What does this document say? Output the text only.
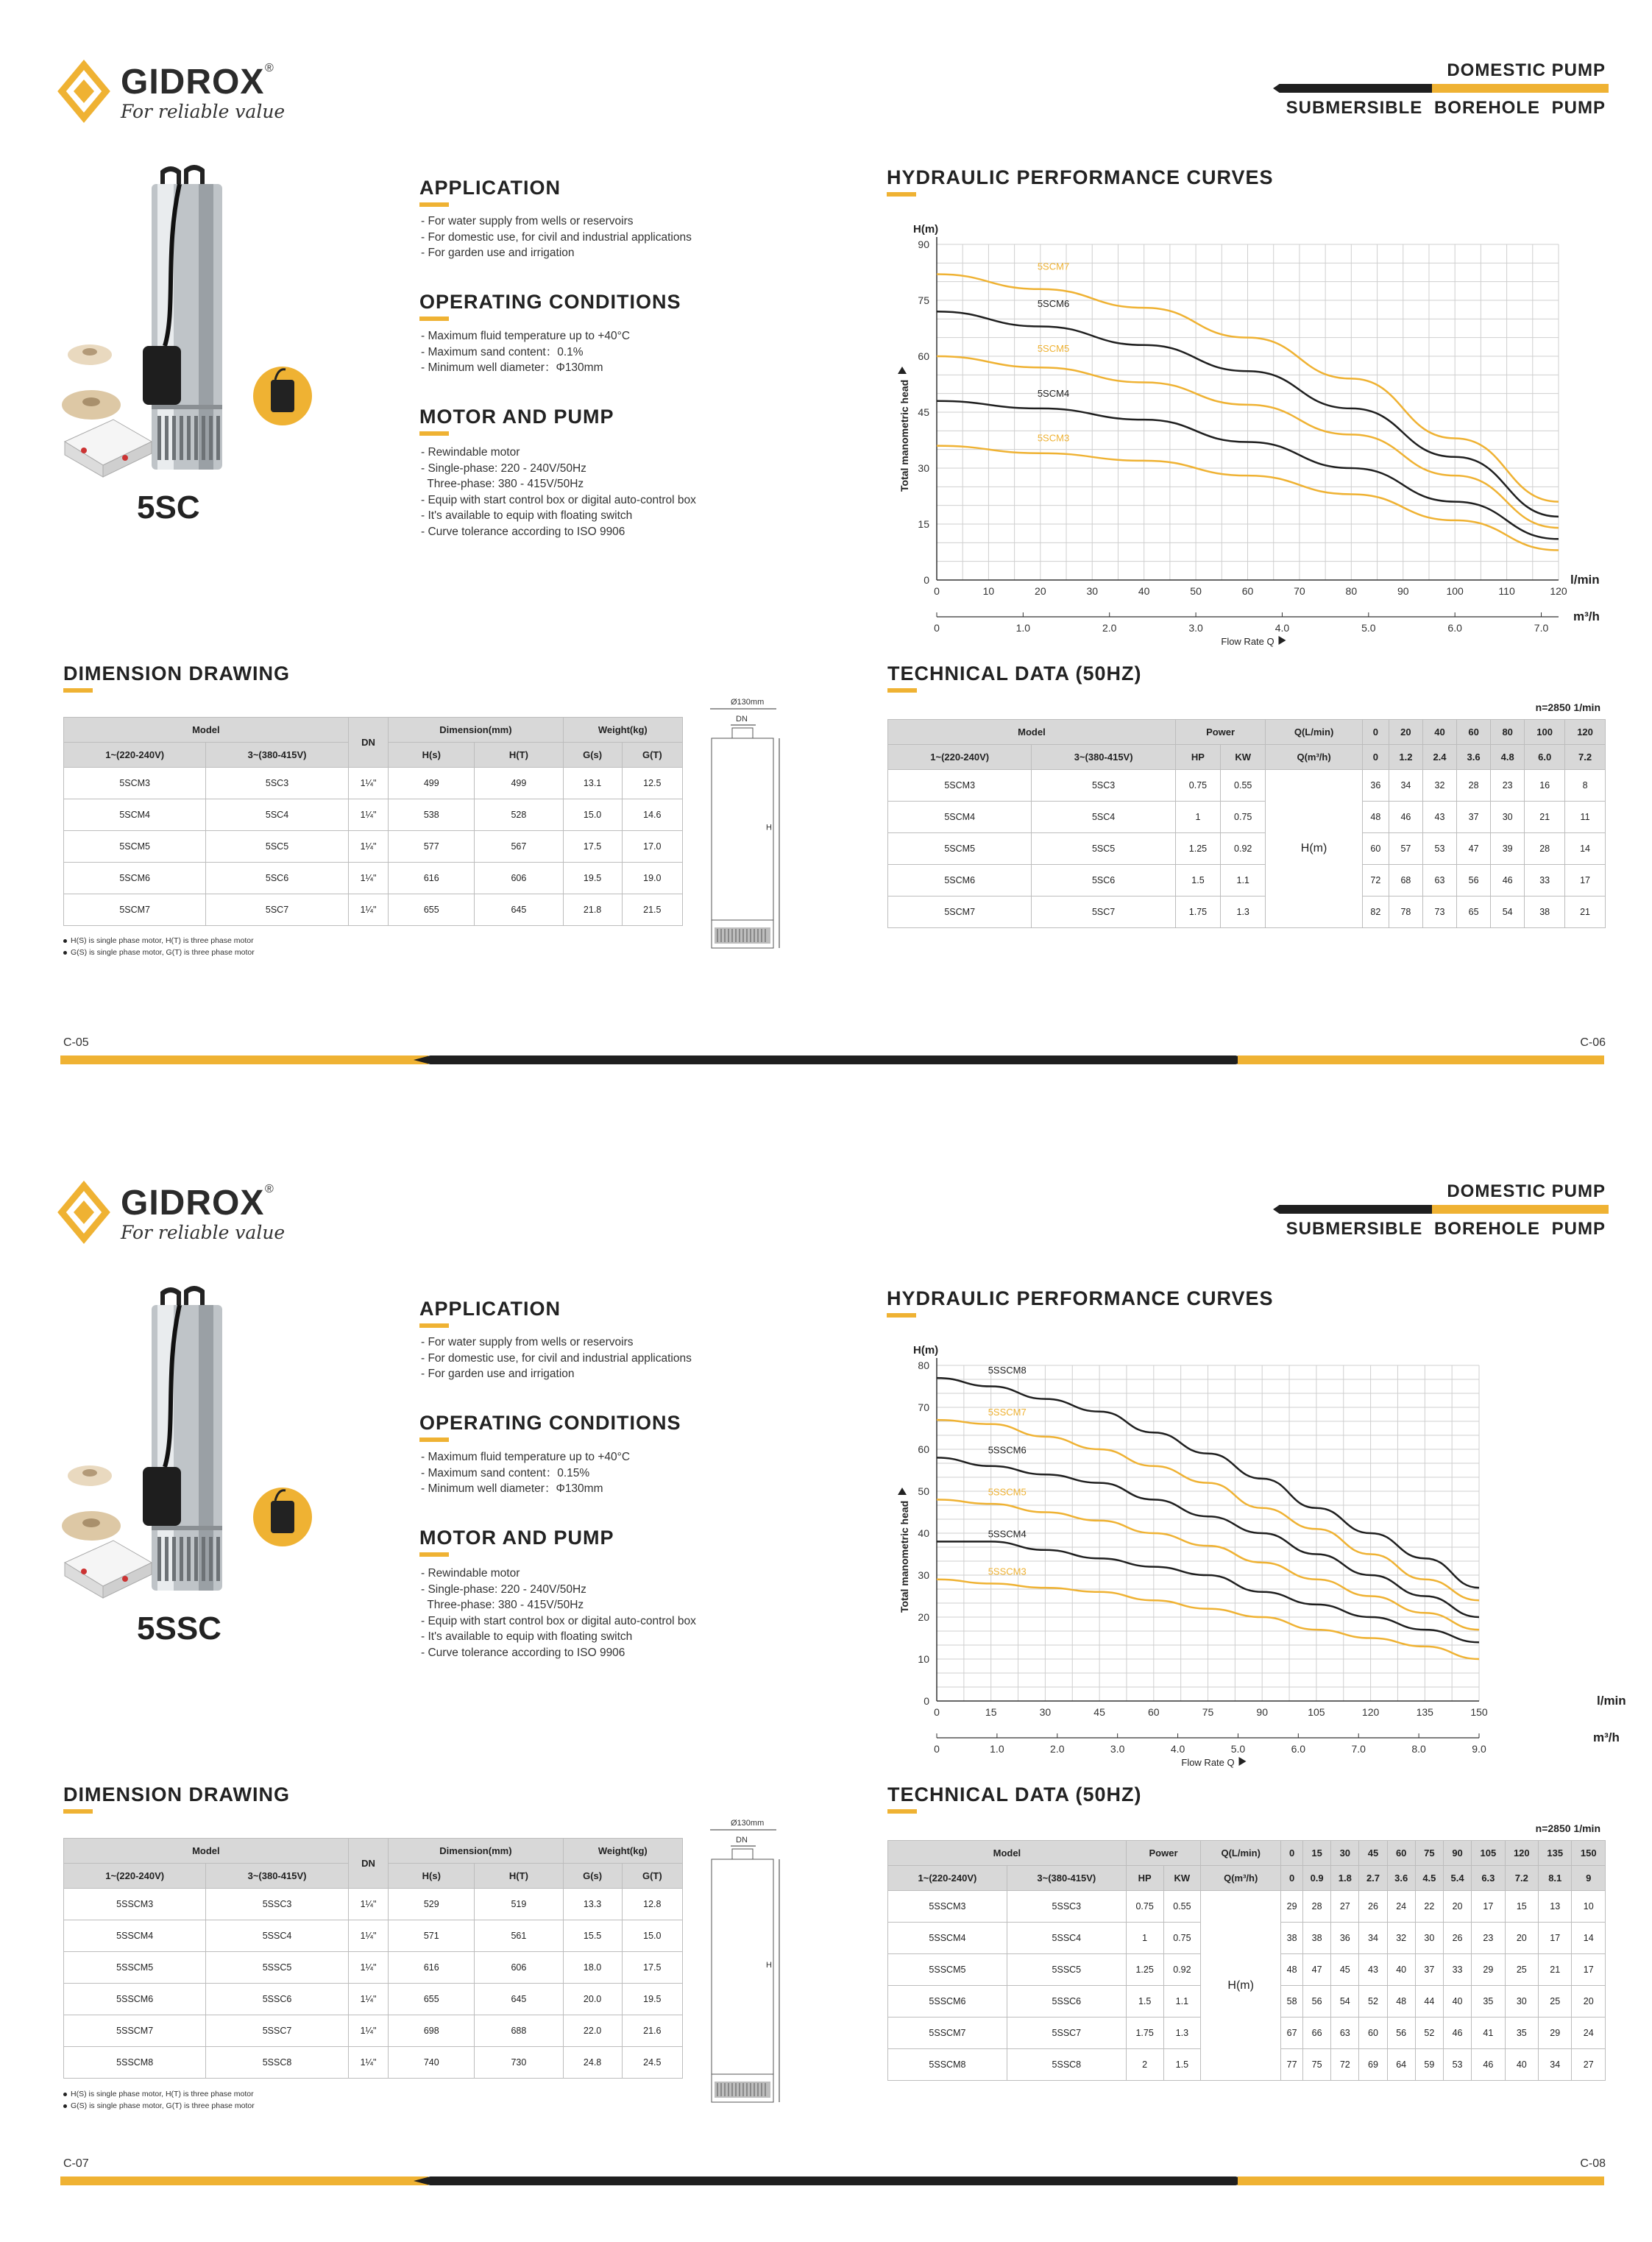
GIDROX ®
For reliable value
DOMESTIC PUMP
SUBMERSIBLE BOREHOLE PUMP
5SC
APPLICATION
- For water supply from wells or reservoirs
- For domestic use, for civil and industrial applications
- For garden use and irrigation
OPERATING CONDITIONS
- Maximum fluid temperature up to +40°C
- Maximum sand content：0.1%
- Minimum well diameter：Φ130mm
MOTOR AND PUMP
- Rewindable motor
- Single-phase: 220 - 240V/50Hz
Three-phase: 380 - 415V/50Hz
- Equip with start control box or digital auto-control box
- It's available to equip with floating switch
- Curve tolerance according to ISO 9906
HYDRAULIC PERFORMANCE CURVES
0
15
30
45
60
75
90
0	10	20	30	40	50	60	70	80	90	100	110	120
0	1.0	2.0	3.0	4.0	5.0	6.0	7.0
H(m)
Total manometric head
l/min
m³/h
Flow Rate Q
5SCM7
5SCM6
5SCM5
5SCM4
5SCM3
DIMENSION DRAWING
Model		DN	Dimension(mm)		Weight(kg)	
1~(220-240V)	3~(380-415V)		H(s)	H(T)	G(s)	G(T)
5SCM3	5SC3	1¼"	499	499	13.1	12.5
5SCM4	5SC4	1¼"	538	528	15.0	14.6
5SCM5	5SC5	1¼"	577	567	17.5	17.0
5SCM6	5SC6	1¼"	616	606	19.5	19.0
5SCM7	5SC7	1¼"	655	645	21.8	21.5
H(S) is single phase motor, H(T) is three phase motor
G(S) is single phase motor, G(T) is three phase motor
Ø130mm
DN
H
TECHNICAL DATA (50HZ)
n=2850 1/min
Model		Power		Q(L/min)	0	20	40	60	80	100	120
1~(220-240V)	3~(380-415V)	HP	KW	Q(m³/h)	0	1.2	2.4	3.6	4.8	6.0	7.2
5SCM3	5SC3	0.75	0.55	H(m)	36	34	32	28	23	16	8
5SCM4	5SC4	1	0.75		48	46	43	37	30	21	11
5SCM5	5SC5	1.25	0.92		60	57	53	47	39	28	14
5SCM6	5SC6	1.5	1.1		72	68	63	56	46	33	17
5SCM7	5SC7	1.75	1.3		82	78	73	65	54	38	21
C-05	C-06
GIDROX ®
For reliable value
DOMESTIC PUMP
SUBMERSIBLE BOREHOLE PUMP
5SSC
APPLICATION
- For water supply from wells or reservoirs
- For domestic use, for civil and industrial applications
- For garden use and irrigation
OPERATING CONDITIONS
- Maximum fluid temperature up to +40°C
- Maximum sand content：0.15%
- Minimum well diameter：Φ130mm
MOTOR AND PUMP
- Rewindable motor
- Single-phase: 220 - 240V/50Hz
Three-phase: 380 - 415V/50Hz
- Equip with start control box or digital auto-control box
- It's available to equip with floating switch
- Curve tolerance according to ISO 9906
HYDRAULIC PERFORMANCE CURVES
0
10
20
30
40
50
60
70
80
0	15	30	45	60	75	90	105	120	135	150
0	1.0	2.0	3.0	4.0	5.0	6.0	7.0	8.0	9.0
H(m)
Total manometric head
l/min
m³/h
Flow Rate Q
5SSCM8
5SSCM7
5SSCM6
5SSCM5
5SSCM4
5SSCM3
DIMENSION DRAWING
Model		DN	Dimension(mm)		Weight(kg)	
1~(220-240V)	3~(380-415V)		H(s)	H(T)	G(s)	G(T)
5SSCM3	5SSC3	1¼"	529	519	13.3	12.8
5SSCM4	5SSC4	1¼"	571	561	15.5	15.0
5SSCM5	5SSC5	1¼"	616	606	18.0	17.5
5SSCM6	5SSC6	1¼"	655	645	20.0	19.5
5SSCM7	5SSC7	1¼"	698	688	22.0	21.6
5SSCM8	5SSC8	1¼"	740	730	24.8	24.5
H(S) is single phase motor, H(T) is three phase motor
G(S) is single phase motor, G(T) is three phase motor
Ø130mm
DN
H
TECHNICAL DATA (50HZ)
n=2850 1/min
Model		Power		Q(L/min)	0	15	30	45	60	75	90	105	120	135	150
1~(220-240V)	3~(380-415V)	HP	KW	Q(m³/h)	0	0.9	1.8	2.7	3.6	4.5	5.4	6.3	7.2	8.1	9
5SSCM3	5SSC3	0.75	0.55	H(m)	29	28	27	26	24	22	20	17	15	13	10
5SSCM4	5SSC4	1	0.75		38	38	36	34	32	30	26	23	20	17	14
5SSCM5	5SSC5	1.25	0.92		48	47	45	43	40	37	33	29	25	21	17
5SSCM6	5SSC6	1.5	1.1		58	56	54	52	48	44	40	35	30	25	20
5SSCM7	5SSC7	1.75	1.3		67	66	63	60	56	52	46	41	35	29	24
5SSCM8	5SSC8	2	1.5		77	75	72	69	64	59	53	46	40	34	27
C-07	C-08
